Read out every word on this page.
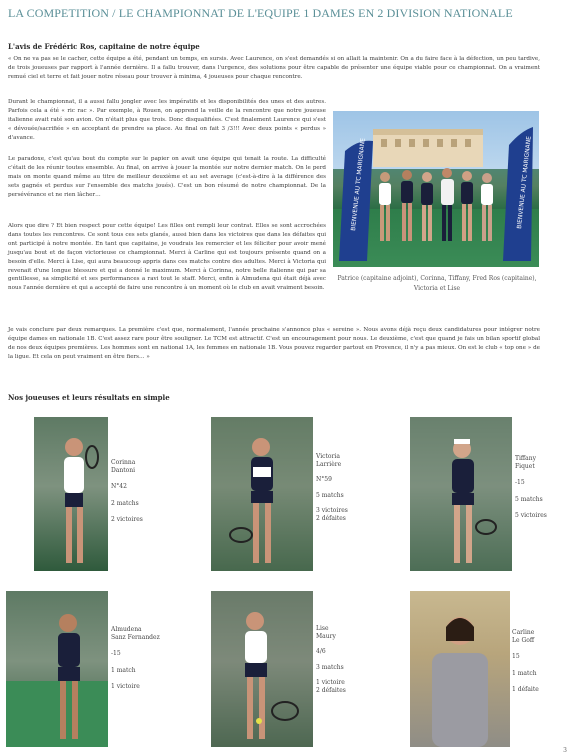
LA COMPETITION / LE CHAMPIONNAT DE L'EQUIPE 1 DAMES EN 2 DIVISION NATIONALE
L'avis de Frédéric Ros, capitaine de notre équipe

« On ne va pas se le cacher, cette équipe a été, pendant un temps, en sursis. Avec Laurence, on s'est demandés si on allait la maintenir. On a du faire face à la défection, un peu tardive, de trois joueuses par rapport à l'année dernière. Il a fallu trouver, dans l'urgence, des solutions pour être capable de présenter une équipe viable pour ce championnat. On a vraiment remué ciel et terre et fait jouer notre réseau pour trouver à minima, 4 joueuses pour chaque rencontre.

Durant le championnat, il a aussi fallu jongler avec les impératifs et les disponibilités des unes et des autres. Parfois cela a été « ric rac ». Par exemple, à Rouen, on apprend la veille de la rencontre que notre joueuse italienne avait raté son avion. On n'était plus que trois. Donc disqualifiées. C'est finalement Laurence qui s'est « dévouée/sacrifiée » en acceptant de prendre sa place. Au final on fait 3 /3!!! Avec deux points « perdus » d'avance.

Le paradoxe, c'est qu'au bout du compte sur le papier on avait une équipe qui tenait la route. La difficulté c'était de les réunir toutes ensemble. Au final, on arrive à jouer la montée sur notre dernier match. On le perd mais on monte quand même au titre de meilleur deuxième et au set average (c'est-à-dire à la différence des sets gagnés et perdus sur l'ensemble des matchs joués). C'est un bon résumé de notre championnat. De la persévérance et ne rien lâcher…

Alors que dire ? Et bien respect pour cette équipe! Les filles ont rempli leur contrat. Elles se sont accrochées dans toutes les rencontres. Ce sont tous ces sets glanés, aussi bien dans les victoires que dans les défaites qui ont participé à notre montée. En tant que capitaine, je voudrais les remercier et les féliciter pour avoir mené jusqu'au bout et de façon victorieuse ce championnat. Merci à Carline qui est toujours présente quand on a besoin d'elle. Merci à Lise, qui aura beaucoup appris dans ces matchs contre des adultes. Merci à Victoria qui revenait d'une longue blessure et qui a donné le maximum. Merci à Corinna, notre belle italienne qui par sa gentillesse, sa simplicité et ses performances a ravi tout le staff. Merci, enfin à Almudena qui était déjà avec nous l'année dernière et qui a accepté de faire une rencontre à un moment où le club en avait vraiment besoin.

Je vais conclure par deux remarques. La première c'est que, normalement, l'année prochaine s'annonce plus « sereine ». Nous avons déjà reçu deux candidatures pour intégrer notre équipe dames en nationale 1B. C'est assez rare pour être souligner. Le TCM est attractif. C'est un encouragement pour nous. Le deuxième, c'est que quand je fais un bilan sportif global de nos deux équipes premières. Les hommes sont en national 1A, les femmes en nationale 1B. Vous pouvez regarder partout en Provence, il n'y a pas mieux. On est le club « top one » de la ligue. Et cela on peut vraiment en être fiers… »

BIENVENUE AU TC MARIGNANE	BIENVENUE AU TC MARIGNANE
Patrice (capitaine adjoint), Corinna, Tiffany, Fred Ros (capitaine), Victoria et Lise
Nos joueuses et leurs résultats en simple
Corinna
Dantoni
N°42
2 matchs
2 victoires
Victoria
Larrière
N°59
5 matchs
3 victoires
2 défaites
Tiffany
Fiquet
-15
5 matchs
5 victoires
Almudena
Sanz Fernandez
-15
1 match
1 victoire
Lise
Maury
4/6
3 matchs
1 victoire
2 défaites
Carline
Le Goff
15
1 match
1 défaite
3
